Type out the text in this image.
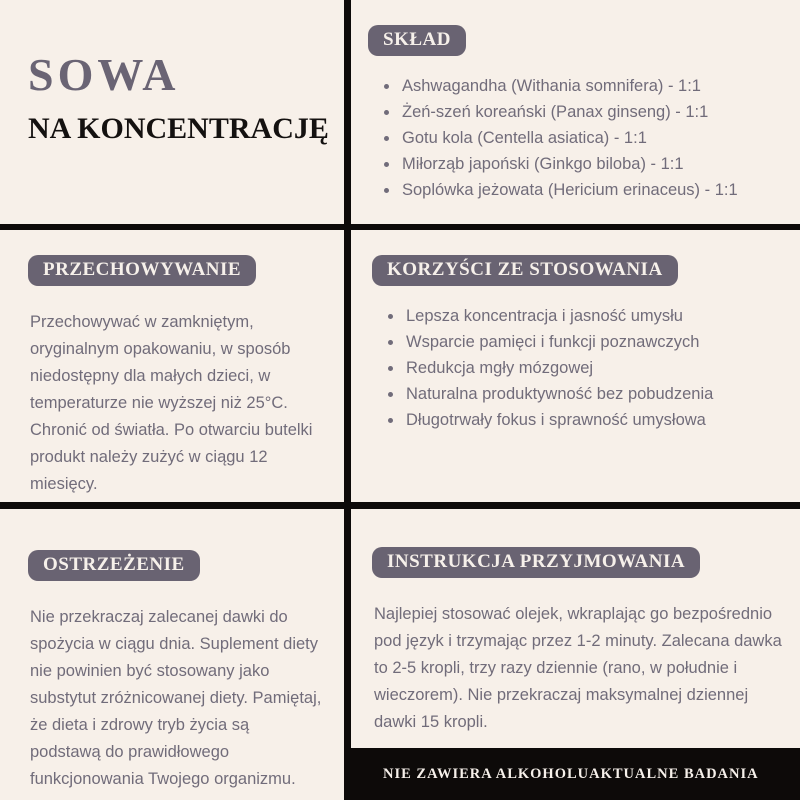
SOWA
NA KONCENTRACJĘ
SKŁAD
• Ashwagandha (Withania somnifera) - 1:1
• Żeń-szeń koreański (Panax ginseng) - 1:1
• Gotu kola (Centella asiatica) - 1:1
• Miłorząb japoński (Ginkgo biloba) - 1:1
• Soplówka jeżowata (Hericium erinaceus) - 1:1
PRZECHOWYWANIE

Przechowywać w zamkniętym, oryginalnym opakowaniu, w sposób niedostępny dla małych dzieci, w temperaturze nie wyższej niż 25°C. Chronić od światła. Po otwarciu butelki produkt należy zużyć w ciągu 12 miesięcy.

KORZYŚCI ZE STOSOWANIA
• Lepsza koncentracja i jasność umysłu
• Wsparcie pamięci i funkcji poznawczych
• Redukcja mgły mózgowej
• Naturalna produktywność bez pobudzenia
• Długotrwały fokus i sprawność umysłowa
OSTRZEŻENIE

Nie przekraczaj zalecanej dawki do spożycia w ciągu dnia. Suplement diety nie powinien być stosowany jako substytut zróżnicowanej diety. Pamiętaj, że dieta i zdrowy tryb życia są podstawą do prawidłowego funkcjonowania Twojego organizmu.

INSTRUKCJA PRZYJMOWANIA

Najlepiej stosować olejek, wkraplając go bezpośrednio pod język i trzymając przez 1-2 minuty. Zalecana dawka to 2-5 kropli, trzy razy dziennie (rano, w południe i wieczorem). Nie przekraczaj maksymalnej dziennej dawki 15 kropli.

NIE ZAWIERA ALKOHOLU AKTUALNE BADANIA
